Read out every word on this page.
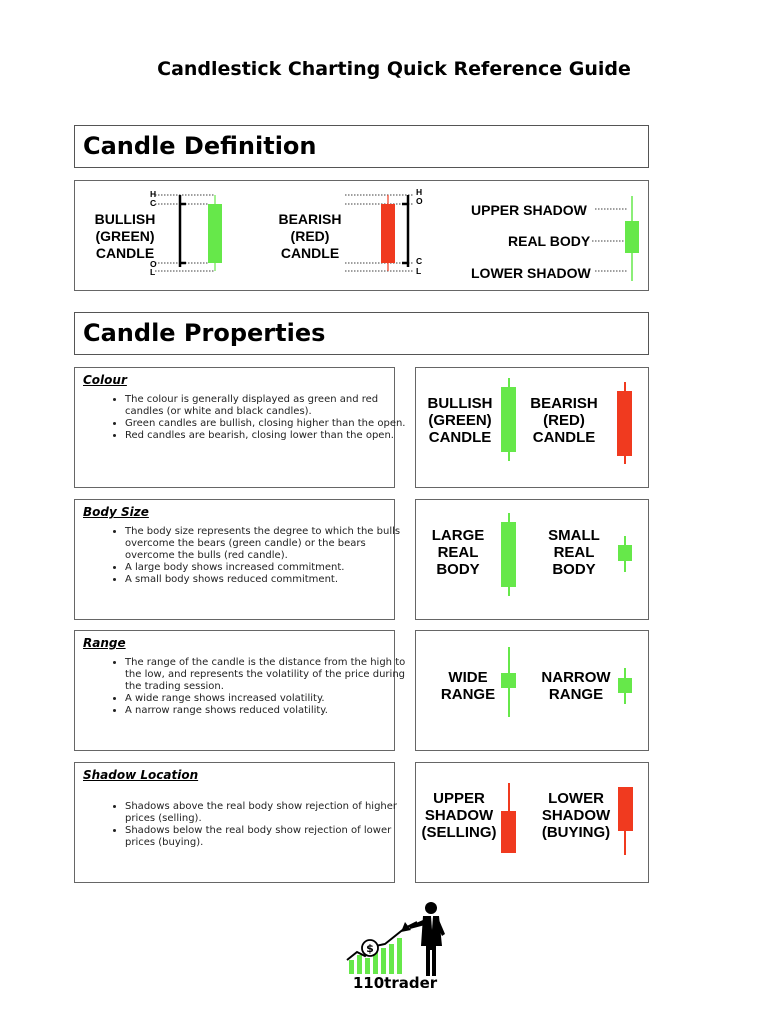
Candlestick Charting Quick Reference Guide
Candle Definition
BULLISH
(GREEN)
CANDLE
H
C
O
L
BEARISH
(RED)
CANDLE
H
O
C
L
UPPER SHADOW
REAL BODY
LOWER SHADOW
Candle Properties
Colour
• The colour is generally displayed as green and red candles (or white and black candles).
• Green candles are bullish, closing higher than the open.
• Red candles are bearish, closing lower than the open.
BULLISH
(GREEN)
CANDLE
BEARISH
(RED)
CANDLE
Body Size
• The body size represents the degree to which the bulls overcome the bears (green candle) or the bears overcome the bulls (red candle).
• A large body shows increased commitment.
• A small body shows reduced commitment.
LARGE
REAL
BODY
SMALL
REAL
BODY
Range
• The range of the candle is the distance from the high to the low, and represents the volatility of the price during the trading session.
• A wide range shows increased volatility.
• A narrow range shows reduced volatility.
WIDE
RANGE
NARROW
RANGE
Shadow Location
• Shadows above the real body show rejection of higher prices (selling).
• Shadows below the real body show rejection of lower prices (buying).
UPPER
SHADOW
(SELLING)
LOWER
SHADOW
(BUYING)
$
110trader
